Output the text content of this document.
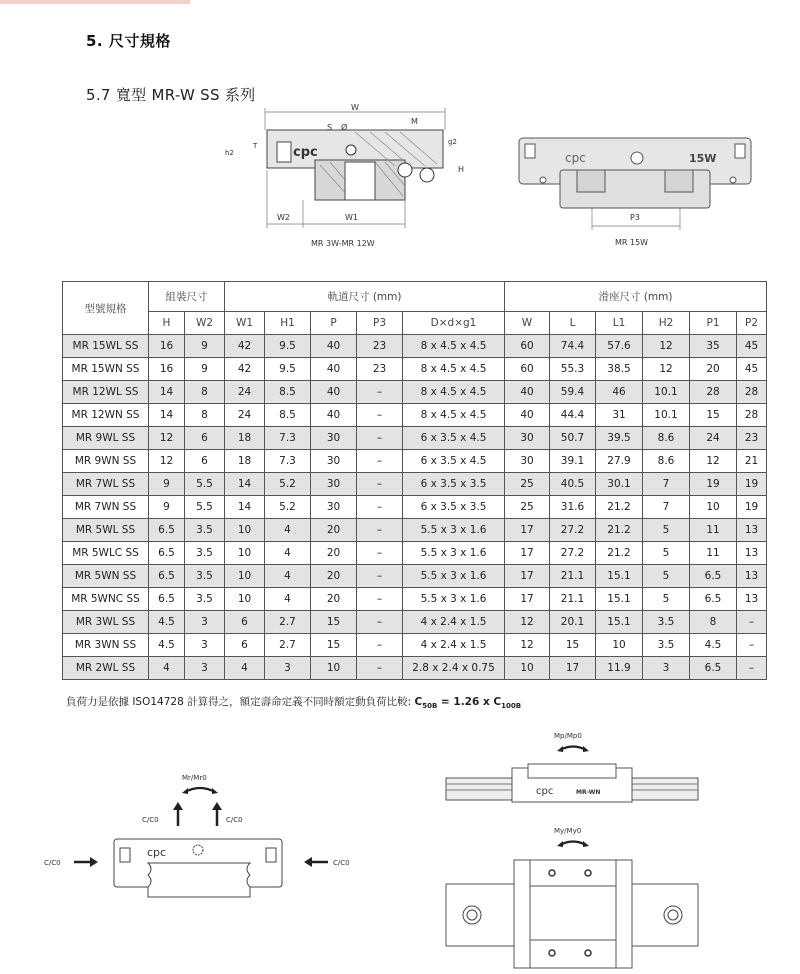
5. 尺寸規格
5.7 寬型 MR-W SS 系列
W
cpc
M
S Ø
g2
h2
T
H
W2	W1
MR 3W-MR 12W
cpc	15W
P3
MR 15W
型號規格	組裝尺寸		軌道尺寸 (mm)					滑座尺寸 (mm)					
	H	W2	W1	H1	P	P3	D×d×g1	W	L	L1	H2	P1	P2
MR 15WL SS	16	9	42	9.5	40	23	8 x 4.5 x 4.5	60	74.4	57.6	12	35	45
MR 15WN SS	16	9	42	9.5	40	23	8 x 4.5 x 4.5	60	55.3	38.5	12	20	45
MR 12WL SS	14	8	24	8.5	40	–	8 x 4.5 x 4.5	40	59.4	46	10.1	28	28
MR 12WN SS	14	8	24	8.5	40	–	8 x 4.5 x 4.5	40	44.4	31	10.1	15	28
MR 9WL SS	12	6	18	7.3	30	–	6 x 3.5 x 4.5	30	50.7	39.5	8.6	24	23
MR 9WN SS	12	6	18	7.3	30	–	6 x 3.5 x 4.5	30	39.1	27.9	8.6	12	21
MR 7WL SS	9	5.5	14	5.2	30	–	6 x 3.5 x 3.5	25	40.5	30.1	7	19	19
MR 7WN SS	9	5.5	14	5.2	30	–	6 x 3.5 x 3.5	25	31.6	21.2	7	10	19
MR 5WL SS	6.5	3.5	10	4	20	–	5.5 x 3 x 1.6	17	27.2	21.2	5	11	13
MR 5WLC SS	6.5	3.5	10	4	20	–	5.5 x 3 x 1.6	17	27.2	21.2	5	11	13
MR 5WN SS	6.5	3.5	10	4	20	–	5.5 x 3 x 1.6	17	21.1	15.1	5	6.5	13
MR 5WNC SS	6.5	3.5	10	4	20	–	5.5 x 3 x 1.6	17	21.1	15.1	5	6.5	13
MR 3WL SS	4.5	3	6	2.7	15	–	4 x 2.4 x 1.5	12	20.1	15.1	3.5	8	–
MR 3WN SS	4.5	3	6	2.7	15	–	4 x 2.4 x 1.5	12	15	10	3.5	4.5	–
MR 2WL SS	4	3	4	3	10	–	2.8 x 2.4 x 0.75	10	17	11.9	3	6.5	–
負荷力是依據 ISO14728 計算得之，額定壽命定義不同時額定動負荷比較: $C_{50B} = 1.26$ x $C_{100B}$
Mr/Mr0
C/C0	C/C0
cpc
C/C0	C/C0
Mp/Mp0
cpc	MR-WN
My/My0
